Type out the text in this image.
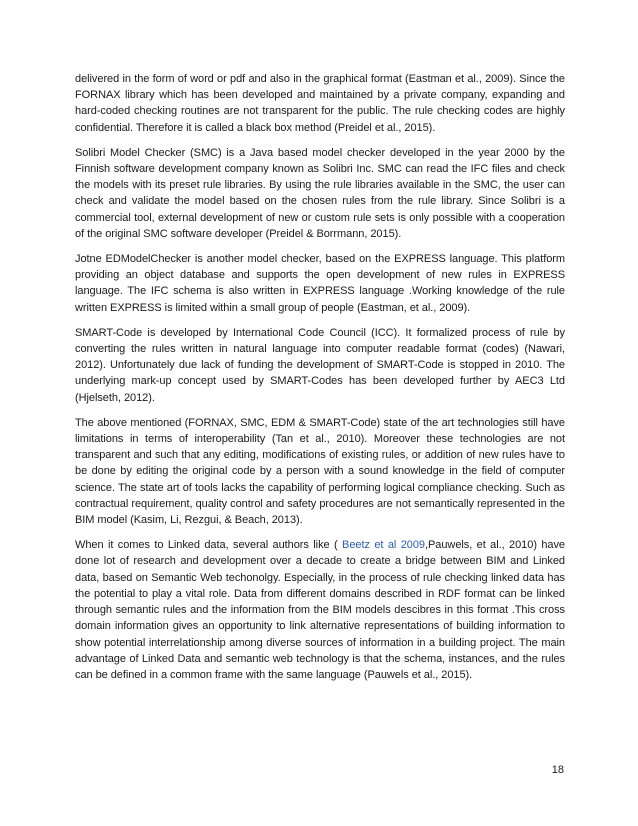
delivered in the form of word or pdf and also in the graphical format (Eastman et al., 2009). Since the FORNAX library which has been developed and maintained by a private company, expanding and hard-coded checking routines are not transparent for the public. The rule checking codes are highly confidential. Therefore it is called a black box method (Preidel et al., 2015).

Solibri Model Checker (SMC) is a Java based model checker developed in the year 2000 by the Finnish software development company known as Solibri Inc. SMC can read the IFC files and check the models with its preset rule libraries. By using the rule libraries available in the SMC, the user can check and validate the model based on the chosen rules from the rule library. Since Solibri is a commercial tool, external development of new or custom rule sets is only possible with a cooperation of the original SMC software developer (Preidel & Borrmann, 2015).

Jotne EDModelChecker is another model checker, based on the EXPRESS language. This platform providing an object database and supports the open development of new rules in EXPRESS language. The IFC schema is also written in EXPRESS language .Working knowledge of the rule written EXPRESS is limited within a small group of people (Eastman, et al., 2009).

SMART-Code is developed by International Code Council (ICC). It formalized process of rule by converting the rules written in natural language into computer readable format (codes) (Nawari, 2012). Unfortunately due lack of funding the development of SMART-Code is stopped in 2010. The underlying mark-up concept used by SMART-Codes has been developed further by AEC3 Ltd (Hjelseth, 2012).

The above mentioned (FORNAX, SMC, EDM & SMART-Code) state of the art technologies still have limitations in terms of interoperability (Tan et al., 2010). Moreover these technologies are not transparent and such that any editing, modifications of existing rules, or addition of new rules have to be done by editing the original code by a person with a sound knowledge in the field of computer science. The state art of tools lacks the capability of performing logical compliance checking. Such as contractual requirement, quality control and safety procedures are not semantically represented in the BIM model (Kasim, Li, Rezgui, & Beach, 2013).

When it comes to Linked data, several authors like ( Beetz et al 2009,Pauwels, et al., 2010) have done lot of research and development over a decade to create a bridge between BIM and Linked data, based on Semantic Web techonolgy. Especially, in the process of rule checking linked data has the potential to play a vital role. Data from different domains described in RDF format can be linked through semantic rules and the information from the BIM models descibres in this format .This cross domain information gives an opportunity to link alternative representations of building information to show potential interrelationship among diverse sources of information in a building project. The main advantage of Linked Data and semantic web technology is that the schema, instances, and the rules can be defined in a common frame with the same language (Pauwels et al., 2015).

18
